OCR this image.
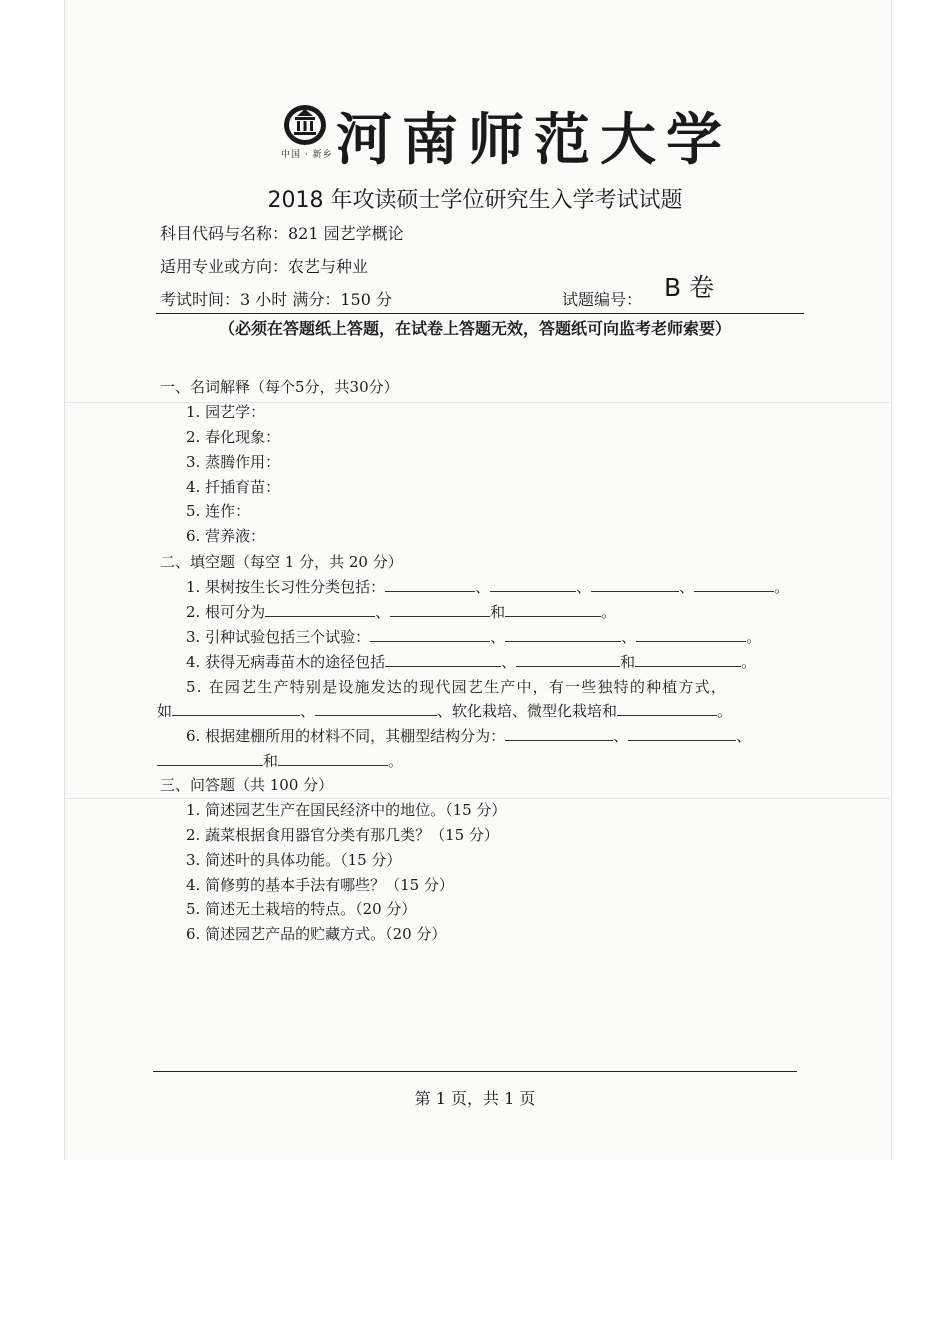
中国 · 新乡 河南师范大学
2018 年攻读硕士学位研究生入学考试试题
科目代码与名称：821 园艺学概论
适用专业或方向：农艺与种业
考试时间：3 小时 满分：150 分	试题编号： B 卷
（必须在答题纸上答题，在试卷上答题无效，答题纸可向监考老师索要）
一、名词解释（每个5分，共30分）
1. 园艺学：
2. 春化现象：
3. 蒸腾作用：
4. 扦插育苗：
5. 连作：
6. 营养液：
二、填空题（每空 1 分，共 20 分）
1. 果树按生长习性分类包括：	、	、	、	。
2. 根可分为	、	和	。
3. 引种试验包括三个试验：	、	、	。
4. 获得无病毒苗木的途径包括	、	和	。
5. 在园艺生产特别是设施发达的现代园艺生产中，有一些独特的种植方式，
如	、	、软化栽培、微型化栽培和	。
6. 根据建棚所用的材料不同，其棚型结构分为：	、	、
和	。
三、问答题（共 100 分）
1. 简述园艺生产在国民经济中的地位。（15 分）
2. 蔬菜根据食用器官分类有那几类？（15 分）
3. 简述叶的具体功能。（15 分）
4. 简修剪的基本手法有哪些？（15 分）
5. 简述无土栽培的特点。（20 分）
6. 简述园艺产品的贮藏方式。（20 分）
第 1 页，共 1 页
